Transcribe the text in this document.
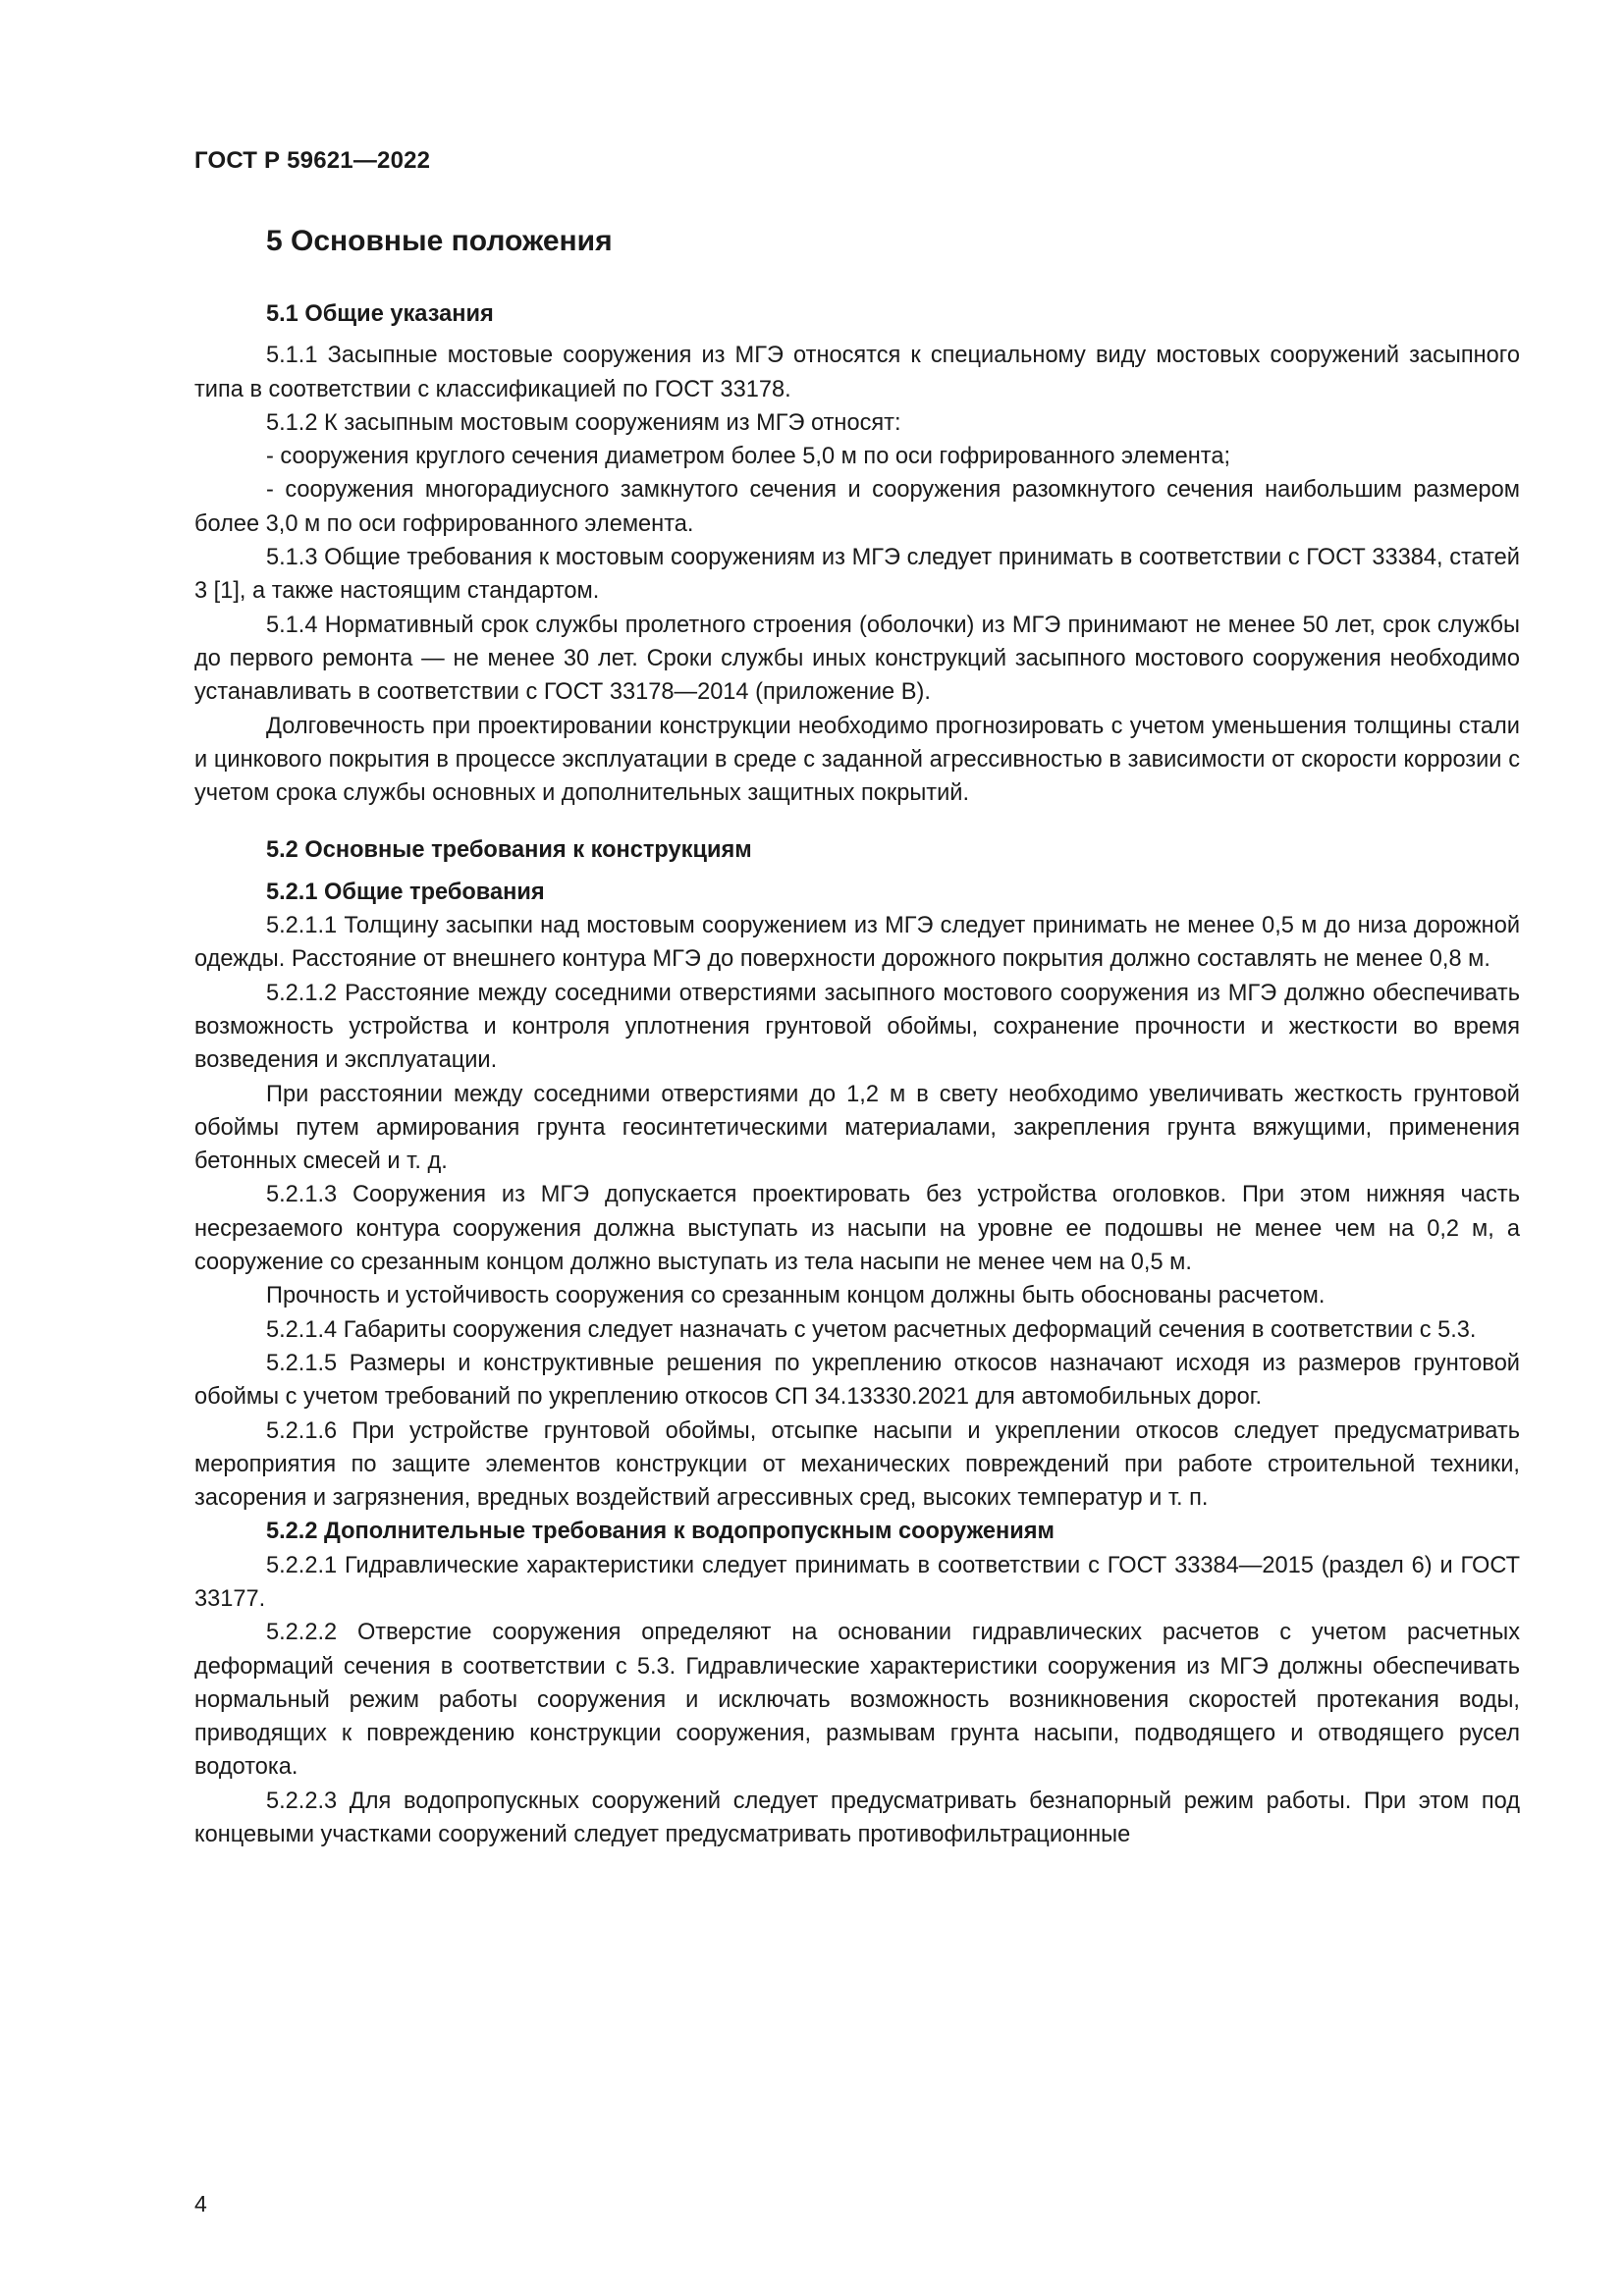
ГОСТ Р 59621—2022

5 Основные положения

5.1 Общие указания

5.1.1 Засыпные мостовые сооружения из МГЭ относятся к специальному виду мостовых сооружений засыпного типа в соответствии с классификацией по ГОСТ 33178.

5.1.2 К засыпным мостовым сооружениям из МГЭ относят:

- сооружения круглого сечения диаметром более 5,0 м по оси гофрированного элемента;

- сооружения многорадиусного замкнутого сечения и сооружения разомкнутого сечения наибольшим размером более 3,0 м по оси гофрированного элемента.

5.1.3 Общие требования к мостовым сооружениям из МГЭ следует принимать в соответствии с ГОСТ 33384, статей 3 [1], а также настоящим стандартом.

5.1.4 Нормативный срок службы пролетного строения (оболочки) из МГЭ принимают не менее 50 лет, срок службы до первого ремонта — не менее 30 лет. Сроки службы иных конструкций засыпного мостового сооружения необходимо устанавливать в соответствии с ГОСТ 33178—2014 (приложение В).

Долговечность при проектировании конструкции необходимо прогнозировать с учетом уменьшения толщины стали и цинкового покрытия в процессе эксплуатации в среде с заданной агрессивностью в зависимости от скорости коррозии с учетом срока службы основных и дополнительных защитных покрытий.

5.2 Основные требования к конструкциям

5.2.1 Общие требования

5.2.1.1 Толщину засыпки над мостовым сооружением из МГЭ следует принимать не менее 0,5 м до низа дорожной одежды. Расстояние от внешнего контура МГЭ до поверхности дорожного покрытия должно составлять не менее 0,8 м.

5.2.1.2 Расстояние между соседними отверстиями засыпного мостового сооружения из МГЭ должно обеспечивать возможность устройства и контроля уплотнения грунтовой обоймы, сохранение прочности и жесткости во время возведения и эксплуатации.

При расстоянии между соседними отверстиями до 1,2 м в свету необходимо увеличивать жесткость грунтовой обоймы путем армирования грунта геосинтетическими материалами, закрепления грунта вяжущими, применения бетонных смесей и т. д.

5.2.1.3 Сооружения из МГЭ допускается проектировать без устройства оголовков. При этом нижняя часть несрезаемого контура сооружения должна выступать из насыпи на уровне ее подошвы не менее чем на 0,2 м, а сооружение со срезанным концом должно выступать из тела насыпи не менее чем на 0,5 м.

Прочность и устойчивость сооружения со срезанным концом должны быть обоснованы расчетом.

5.2.1.4 Габариты сооружения следует назначать с учетом расчетных деформаций сечения в соответствии с 5.3.

5.2.1.5 Размеры и конструктивные решения по укреплению откосов назначают исходя из размеров грунтовой обоймы с учетом требований по укреплению откосов СП 34.13330.2021 для автомобильных дорог.

5.2.1.6 При устройстве грунтовой обоймы, отсыпке насыпи и укреплении откосов следует предусматривать мероприятия по защите элементов конструкции от механических повреждений при работе строительной техники, засорения и загрязнения, вредных воздействий агрессивных сред, высоких температур и т. п.

5.2.2 Дополнительные требования к водопропускным сооружениям

5.2.2.1 Гидравлические характеристики следует принимать в соответствии с ГОСТ 33384—2015 (раздел 6) и ГОСТ 33177.

5.2.2.2 Отверстие сооружения определяют на основании гидравлических расчетов с учетом расчетных деформаций сечения в соответствии с 5.3. Гидравлические характеристики сооружения из МГЭ должны обеспечивать нормальный режим работы сооружения и исключать возможность возникновения скоростей протекания воды, приводящих к повреждению конструкции сооружения, размывам грунта насыпи, подводящего и отводящего русел водотока.

5.2.2.3 Для водопропускных сооружений следует предусматривать безнапорный режим работы. При этом под концевыми участками сооружений следует предусматривать противофильтрационные

4
